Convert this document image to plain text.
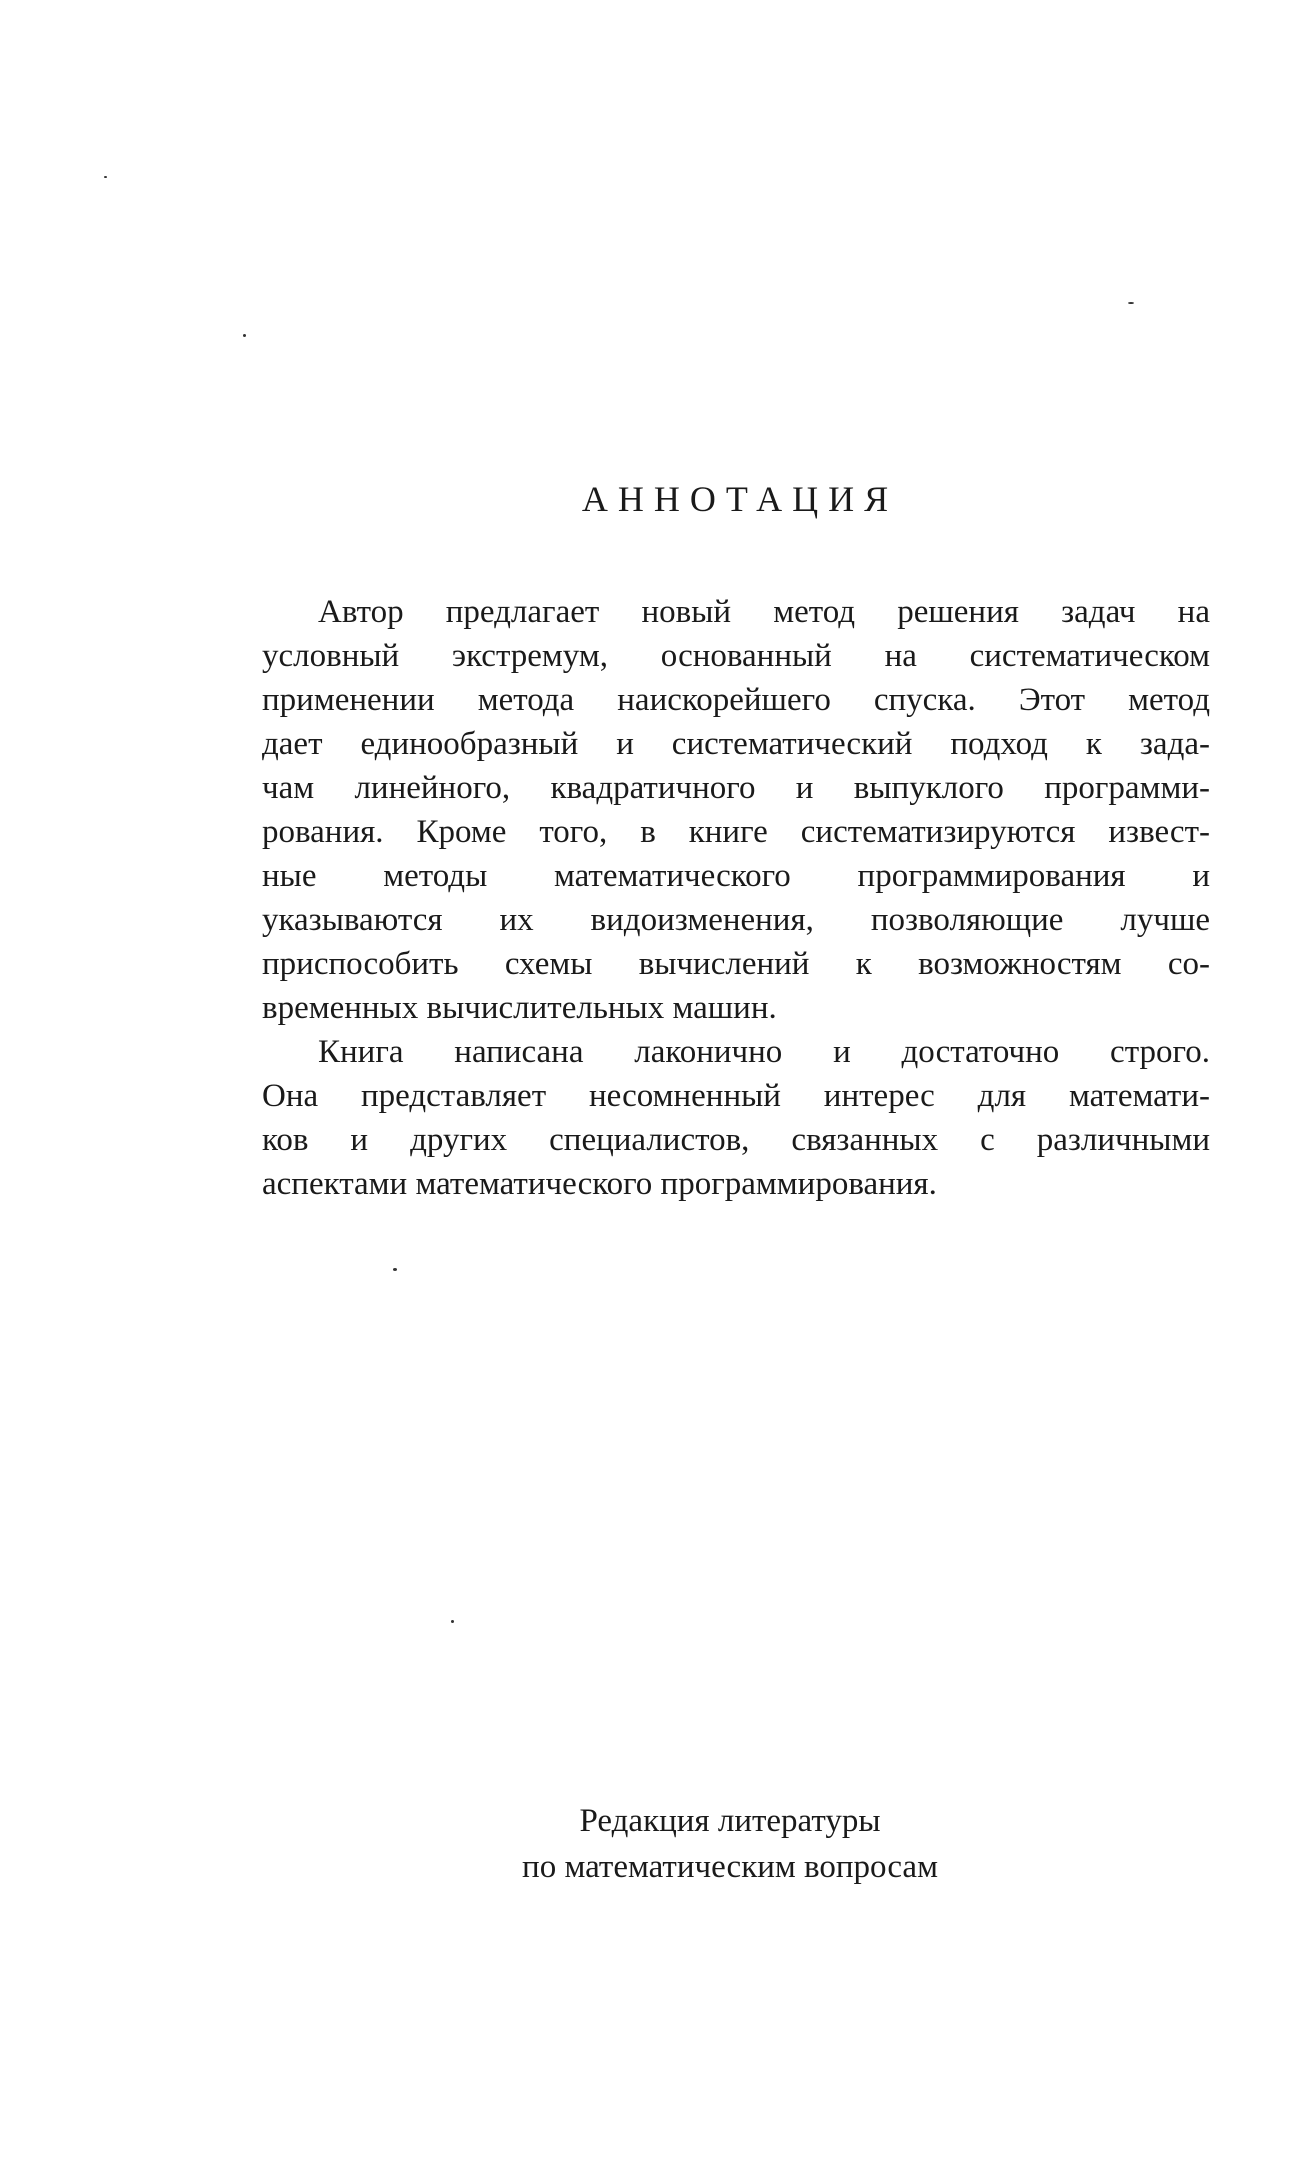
АННОТАЦИЯ

Автор предлагает новый метод решения задач на
условный экстремум, основанный на систематическом
применении метода наискорейшего спуска. Этот метод
дает единообразный и систематический подход к зада-
чам линейного, квадратичного и выпуклого программи-
рования. Кроме того, в книге систематизируются извест-
ные методы математического программирования и
указываются их видоизменения, позволяющие лучше
приспособить схемы вычислений к возможностям со-
временных вычислительных машин.

Книга написана лаконично и достаточно строго.
Она представляет несомненный интерес для математи-
ков и других специалистов, связанных с различными
аспектами математического программирования.

Редакция литературы
по математическим вопросам
